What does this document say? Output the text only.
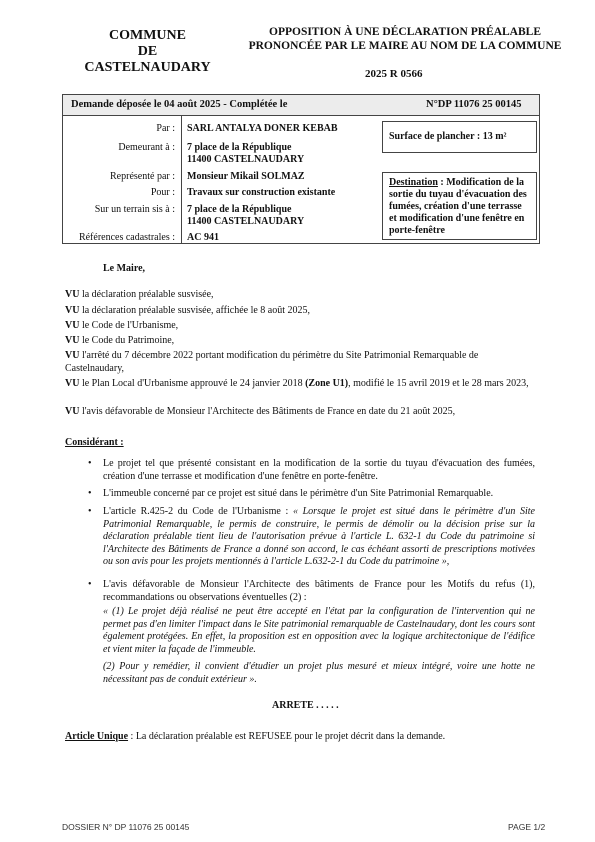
COMMUNE
DE
CASTELNAUDARY
OPPOSITION À UNE DÉCLARATION PRÉALABLE
PRONONCÉE PAR LE MAIRE AU NOM DE LA COMMUNE
2025 R 0566
Demande déposée le 04 août 2025 - Complétée le	N°DP 11076 25 00145
Par : SARL ANTALYA DONER KEBAB
Demeurant à : 7 place de la République
11400 CASTELNAUDARY
Représenté par : Monsieur Mikail SOLMAZ
Pour : Travaux sur construction existante
Sur un terrain sis à : 7 place de la République
11400 CASTELNAUDARY
Références cadastrales : AC 941
Surface de plancher : 13 m²
Destination : Modification de la sortie du tuyau d'évacuation des fumées, création d'une terrasse et modification d'une fenêtre en porte-fenêtre
Le Maire,
VU la déclaration préalable susvisée,
VU la déclaration préalable susvisée, affichée le 8 août 2025,
VU le Code de l'Urbanisme,
VU le Code du Patrimoine,
VU l'arrêté du 7 décembre 2022 portant modification du périmètre du Site Patrimonial Remarquable de Castelnaudary,
VU le Plan Local d'Urbanisme approuvé le 24 janvier 2018 (Zone U1), modifié le 15 avril 2019 et le 28 mars 2023,
VU l'avis défavorable de Monsieur l'Architecte des Bâtiments de France en date du 21 août 2025,
Considérant :
• Le projet tel que présenté consistant en la modification de la sortie du tuyau d'évacuation des fumées, création d'une terrasse et modification d'une fenêtre en porte-fenêtre.
• L'immeuble concerné par ce projet est situé dans le périmètre d'un Site Patrimonial Remarquable.
• L'article R.425-2 du Code de l'Urbanisme : « Lorsque le projet est situé dans le périmètre d'un Site Patrimonial Remarquable, le permis de construire, le permis de démolir ou la décision prise sur la déclaration préalable tient lieu de l'autorisation prévue à l'article L. 632-1 du Code du patrimoine si l'Architecte des Bâtiments de France a donné son accord, le cas échéant assorti de prescriptions motivées ou son avis pour les projets mentionnés à l'article L.632-2-1 du Code du patrimoine »,
• L'avis défavorable de Monsieur l'Architecte des bâtiments de France pour les Motifs du refus (1), recommandations ou observations éventuelles (2) :
« (1) Le projet déjà réalisé ne peut être accepté en l'état par la configuration de l'intervention qui ne permet pas d'en limiter l'impact dans le Site patrimonial remarquable de Castelnaudary, dont les cours sont également protégées. En effet, la proposition est en opposition avec la logique architectonique de l'édifice et vient miter la façade de l'immeuble.
(2) Pour y remédier, il convient d'étudier un projet plus mesuré et mieux intégré, voire une hotte ne nécessitant pas de conduit extérieur ».
ARRETE . . . . .
Article Unique : La déclaration préalable est REFUSEE pour le projet décrit dans la demande.
DOSSIER N° DP 11076 25 00145	PAGE 1/2
